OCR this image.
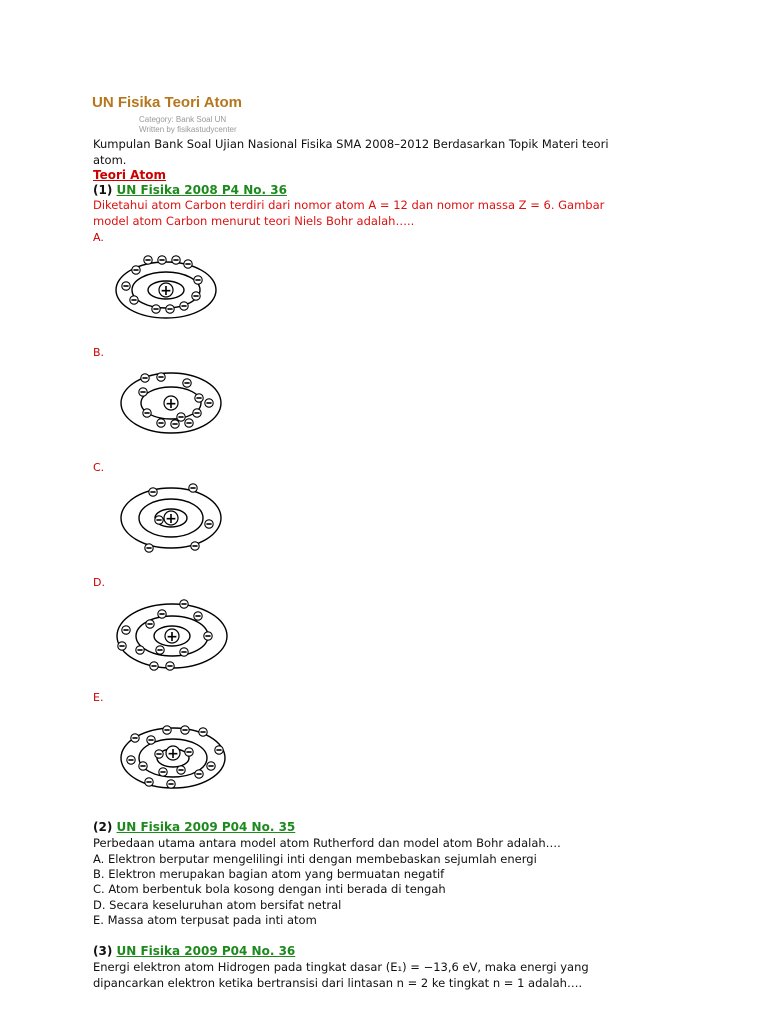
UN Fisika Teori Atom
Category: Bank Soal UN
Written by fisikastudycenter
Kumpulan Bank Soal Ujian Nasional Fisika SMA 2008–2012 Berdasarkan Topik Materi teori atom.
Teori Atom
(1) UN Fisika 2008 P4 No. 36
Diketahui atom Carbon terdiri dari nomor atom A = 12 dan nomor massa Z = 6. Gambar model atom Carbon menurut teori Niels Bohr adalah…..
A.
B.
C.
D.
E.
+
+
+
+
+
(2) UN Fisika 2009 P04 No. 35
Perbedaan utama antara model atom Rutherford dan model atom Bohr adalah….
A. Elektron berputar mengelilingi inti dengan membebaskan sejumlah energi
B. Elektron merupakan bagian atom yang bermuatan negatif
C. Atom berbentuk bola kosong dengan inti berada di tengah
D. Secara keseluruhan atom bersifat netral
E. Massa atom terpusat pada inti atom
(3) UN Fisika 2009 P04 No. 36
Energi elektron atom Hidrogen pada tingkat dasar (E₁) = −13,6 eV, maka energi yang dipancarkan elektron ketika bertransisi dari lintasan n = 2 ke tingkat n = 1 adalah….
